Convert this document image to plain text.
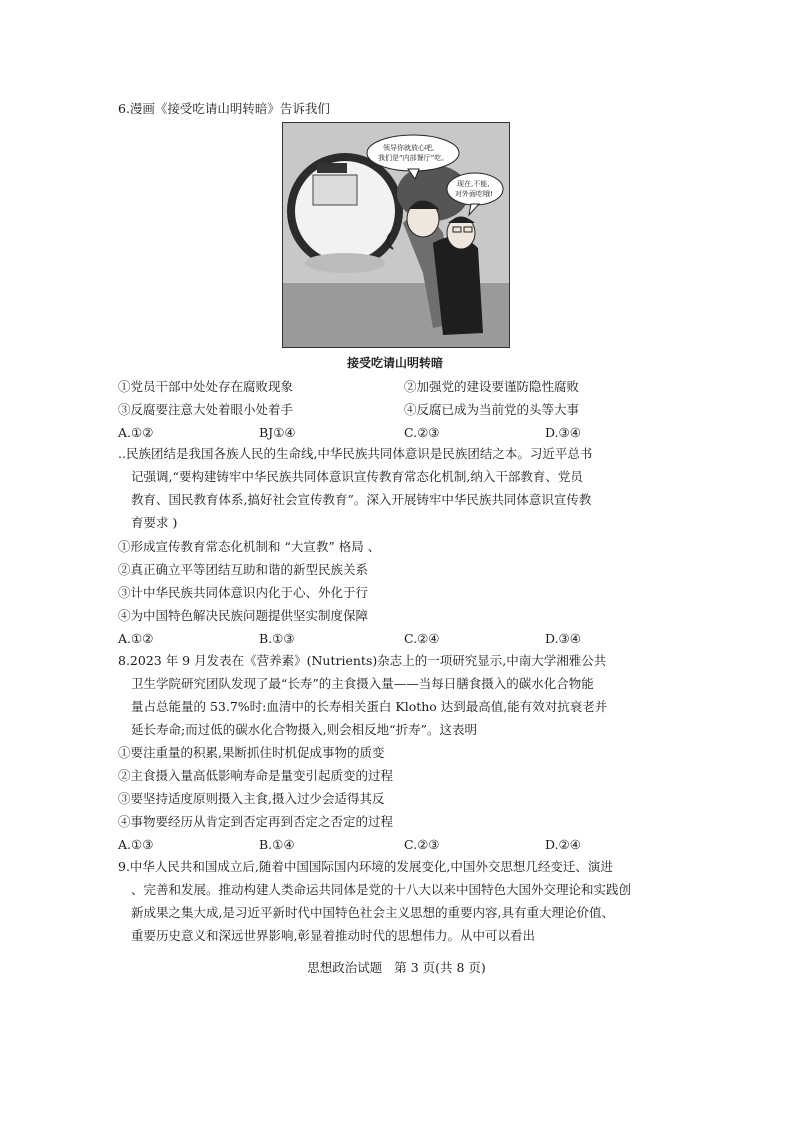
6.漫画《接受吃请山明转暗》告诉我们
领导你就放心吧,
我们是“内部餐厅”吃。
现在,不能,
对外面吃哦!
接受吃请山明转暗
①党员干部中处处存在腐败现象	②加强党的建设要谨防隐性腐败
③反腐要注意大处着眼小处着手	④反腐已成为当前党的头等大事
A.①②	BJ①④	C.②③	D.③④
..民族团结是我国各族人民的生命线,中华民族共同体意识是民族团结之本。习近平总书
记强调,“要构建铸牢中华民族共同体意识宣传教育常态化机制,纳入干部教育、党员
教育、国民教育体系,搞好社会宣传教育”。深入开展铸牢中华民族共同体意识宣传教
育要求 )
①形成宣传教育常态化机制和 “大宣教” 格局 、
②真正确立平等团结互助和谐的新型民族关系
③计中华民族共同体意识内化于心、外化于行
④为中国特色解决民族问题提供坚实制度保障
A.①②	B.①③	C.②④	D.③④
8.2023 年 9 月发表在《营养素》(Nutrients)杂志上的一项研究显示,中南大学湘雅公共
卫生学院研究团队发现了最“长寿”的主食摄入量——当每日膳食摄入的碳水化合物能
量占总能量的 53.7%时:血清中的长寿相关蛋白 Klotho 达到最高值,能有效对抗衰老并
延长寿命;而过低的碳水化合物摄入,则会相反地“折寿”。这表明
①要注重量的积累,果断抓住时机促成事物的质变
②主食摄入量高低影响寿命是量变引起质变的过程
③要坚持适度原则摄入主食,摄入过少会适得其反
④事物要经历从肯定到否定再到否定之否定的过程
A.①③	B.①④	C.②③	D.②④
9.中华人民共和国成立后,随着中国国际国内环境的发展变化,中国外交思想几经变迁、演进
、完善和发展。推动构建人类命运共同体是党的十八大以来中国特色大国外交理论和实践创
新成果之集大成,是习近平新时代中国特色社会主义思想的重要内容,具有重大理论价值、
重要历史意义和深远世界影响,彰显着推动时代的思想伟力。从中可以看出
思想政治试题 第 3 页(共 8 页)
